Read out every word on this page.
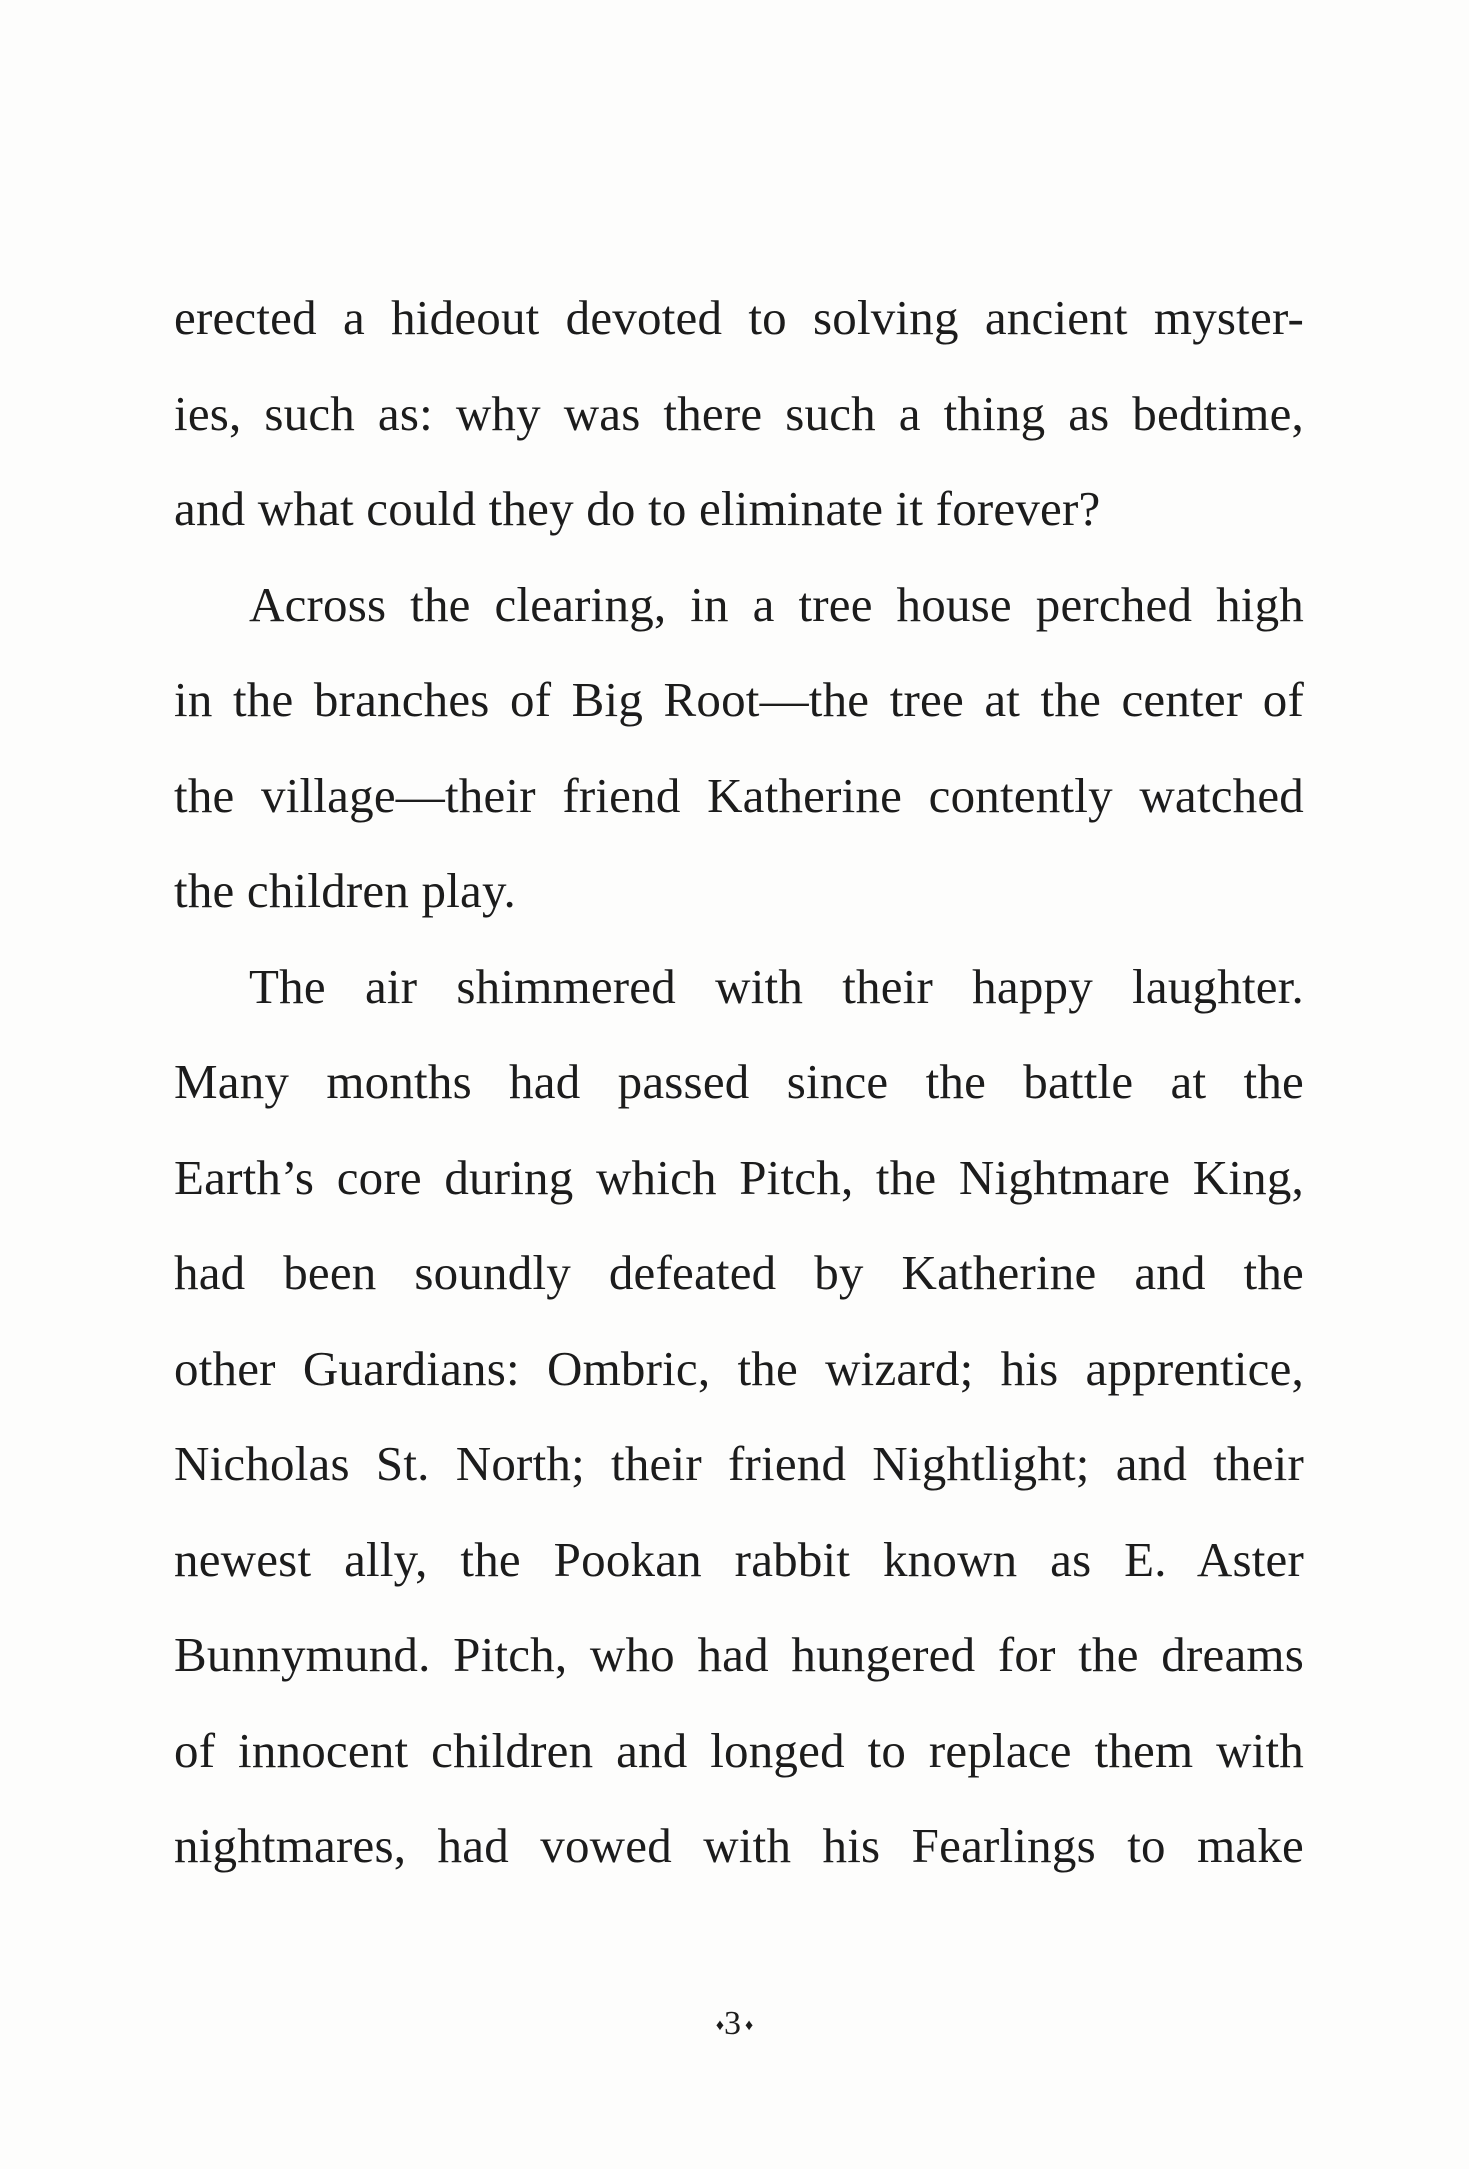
erected a hideout devoted to solving ancient myster-
ies, such as: why was there such a thing as bedtime,
and what could they do to eliminate it forever?
Across the clearing, in a tree house perched high
in the branches of Big Root—the tree at the center of
the village—their friend Katherine contently watched
the children play.
The air shimmered with their happy laughter.
Many months had passed since the battle at the
Earth’s core during which Pitch, the Nightmare King,
had been soundly defeated by Katherine and the
other Guardians: Ombric, the wizard; his apprentice,
Nicholas St. North; their friend Nightlight; and their
newest ally, the Pookan rabbit known as E. Aster
Bunnymund. Pitch, who had hungered for the dreams
of innocent children and longed to replace them with
nightmares, had vowed with his Fearlings to make
♦3♦
